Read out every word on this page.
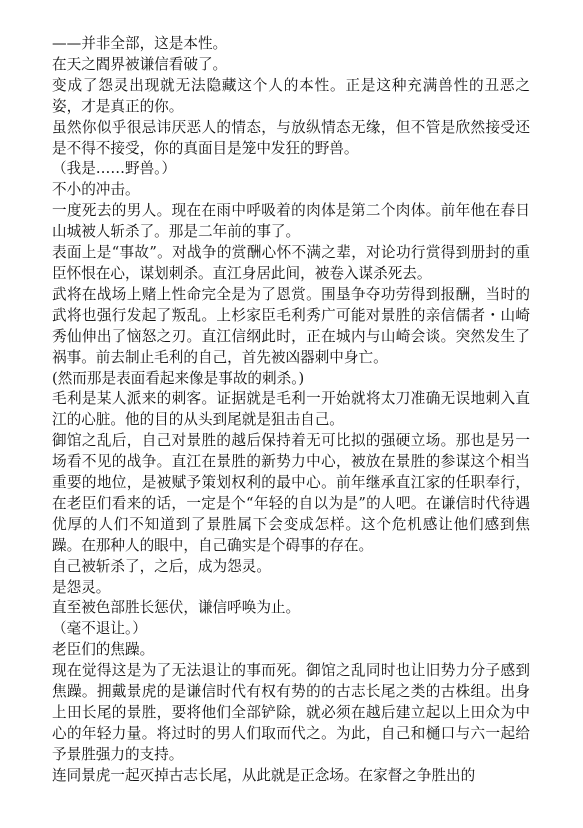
——并非全部，这是本性。

在天之閻界被谦信看破了。

变成了怨灵出现就无法隐藏这个人的本性。正是这种充满兽性的丑恶之姿，才是真正的你。

虽然你似乎很忌讳厌恶人的情态，与放纵情态无缘，但不管是欣然接受还是不得不接受，你的真面目是笼中发狂的野兽。

（我是……野兽。）

不小的冲击。

一度死去的男人。现在在雨中呼吸着的肉体是第二个肉体。前年他在春日山城被人斩杀了。那是二年前的事了。

表面上是“事故”。对战争的赏酬心怀不满之辈，对论功行赏得到册封的重臣怀恨在心，谋划刺杀。直江身居此间，被卷入谋杀死去。

武将在战场上赌上性命完全是为了恩赏。围垦争夺功劳得到报酬，当时的武将也强行发起了叛乱。上杉家臣毛利秀广可能对景胜的亲信儒者・山崎秀仙伸出了恼怒之刃。直江信纲此时，正在城内与山崎会谈。突然发生了祸事。前去制止毛利的自己，首先被凶器刺中身亡。

(然而那是表面看起来像是事故的刺杀。)

毛利是某人派来的刺客。证据就是毛利一开始就将太刀准确无误地刺入直江的心脏。他的目的从头到尾就是狙击自己。

御馆之乱后，自己对景胜的越后保持着无可比拟的强硬立场。那也是另一场看不见的战争。直江在景胜的新势力中心，被放在景胜的参谋这个相当重要的地位，是被赋予策划权利的最中心。前年继承直江家的任职奉行，在老臣们看来的话，一定是个“年轻的自以为是”的人吧。在谦信时代待遇优厚的人们不知道到了景胜属下会变成怎样。这个危机感让他们感到焦躁。在那种人的眼中，自己确实是个碍事的存在。

自己被斩杀了，之后，成为怨灵。

是怨灵。

直至被色部胜长惩伏，谦信呼唤为止。

（毫不退让。）

老臣们的焦躁。

现在觉得这是为了无法退让的事而死。御馆之乱同时也让旧势力分子感到焦躁。拥戴景虎的是谦信时代有权有势的的古志长尾之类的古株组。出身上田长尾的景胜，要将他们全部铲除，就必须在越后建立起以上田众为中心的年轻力量。将过时的男人们取而代之。为此，自己和樋口与六一起给予景胜强力的支持。

连同景虎一起灭掉古志长尾，从此就是正念场。在家督之争胜出的
